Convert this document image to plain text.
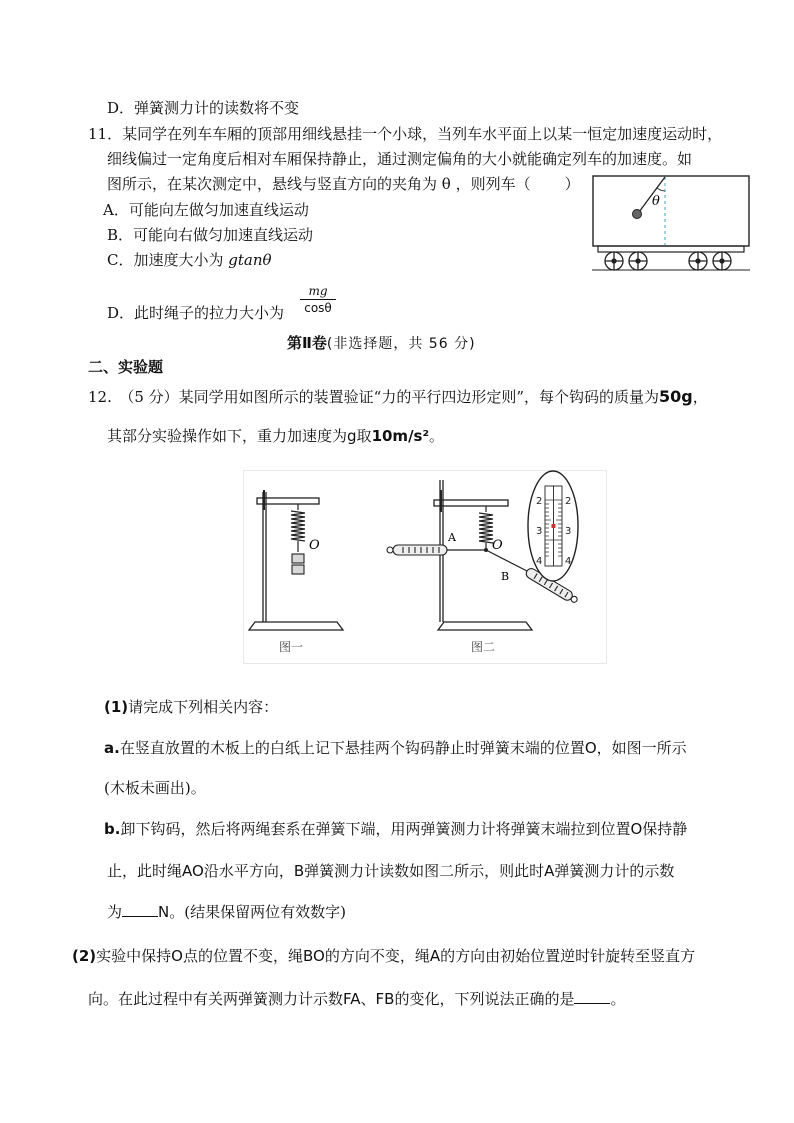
D．弹簧测力计的读数将不变
11．某同学在列车车厢的顶部用细线悬挂一个小球，当列车水平面上以某一恒定加速度运动时，
细线偏过一定角度后相对车厢保持静止，通过测定偏角的大小就能确定列车的加速度。如
图所示，在某次测定中，悬线与竖直方向的夹角为 θ ，则列车（ ）
A．可能向左做匀加速直线运动
B．可能向右做匀加速直线运动
C．加速度大小为 gtanθ
D．此时绳子的拉力大小为
mg
cosθ
θ
第Ⅱ卷(非选择题，共 56 分)
二、实验题
12.　（5 分）某同学用如图所示的装置验证“力的平行四边形定则”，每个钩码的质量为50g，
其部分实验操作如下，重力加速度为g取10m/s²。
O
图一
A
O
B
2
3
4
2
3
4
图二
(1)请完成下列相关内容：
a.在竖直放置的木板上的白纸上记下悬挂两个钩码静止时弹簧末端的位置O，如图一所示
(木板未画出)。
b.卸下钩码，然后将两绳套系在弹簧下端，用两弹簧测力计将弹簧末端拉到位置O保持静
止，此时绳AO沿水平方向，B弹簧测力计读数如图二所示，则此时A弹簧测力计的示数
为 N。(结果保留两位有效数字)
(2)实验中保持O点的位置不变，绳BO的方向不变，绳A的方向由初始位置逆时针旋转至竖直方
向。在此过程中有关两弹簧测力计示数FA、FB的变化，下列说法正确的是 。
